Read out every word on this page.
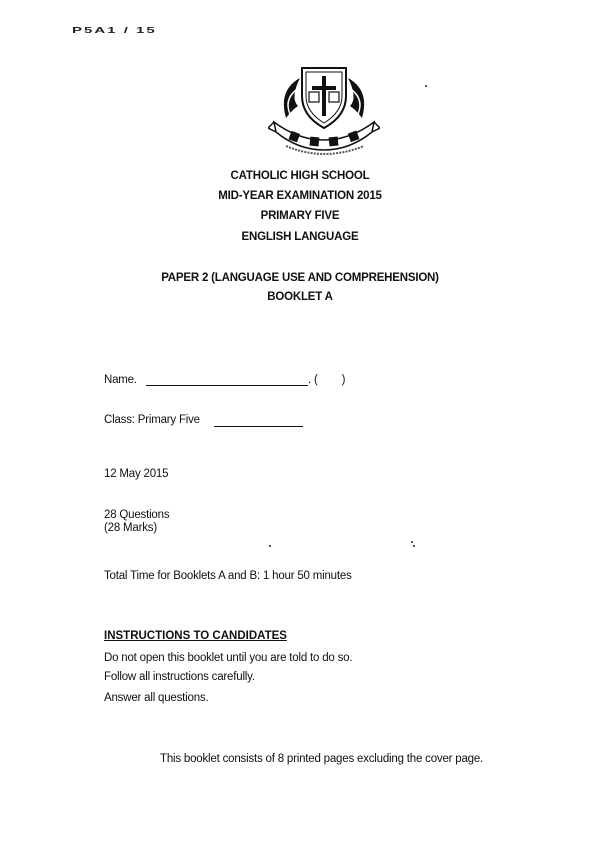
P5A1 / 15
CATHOLIC HIGH SCHOOL
MID-YEAR EXAMINATION 2015
PRIMARY FIVE
ENGLISH LANGUAGE
PAPER 2 (LANGUAGE USE AND COMPREHENSION)
BOOKLET A
Name.	. (        )
Class: Primary Five
12 May 2015
28 Questions
(28 Marks)
Total Time for Booklets A and B: 1 hour 50 minutes
INSTRUCTIONS TO CANDIDATES
Do not open this booklet until you are told to do so.
Follow all instructions carefully.
Answer all questions.
This booklet consists of 8 printed pages excluding the cover page.
